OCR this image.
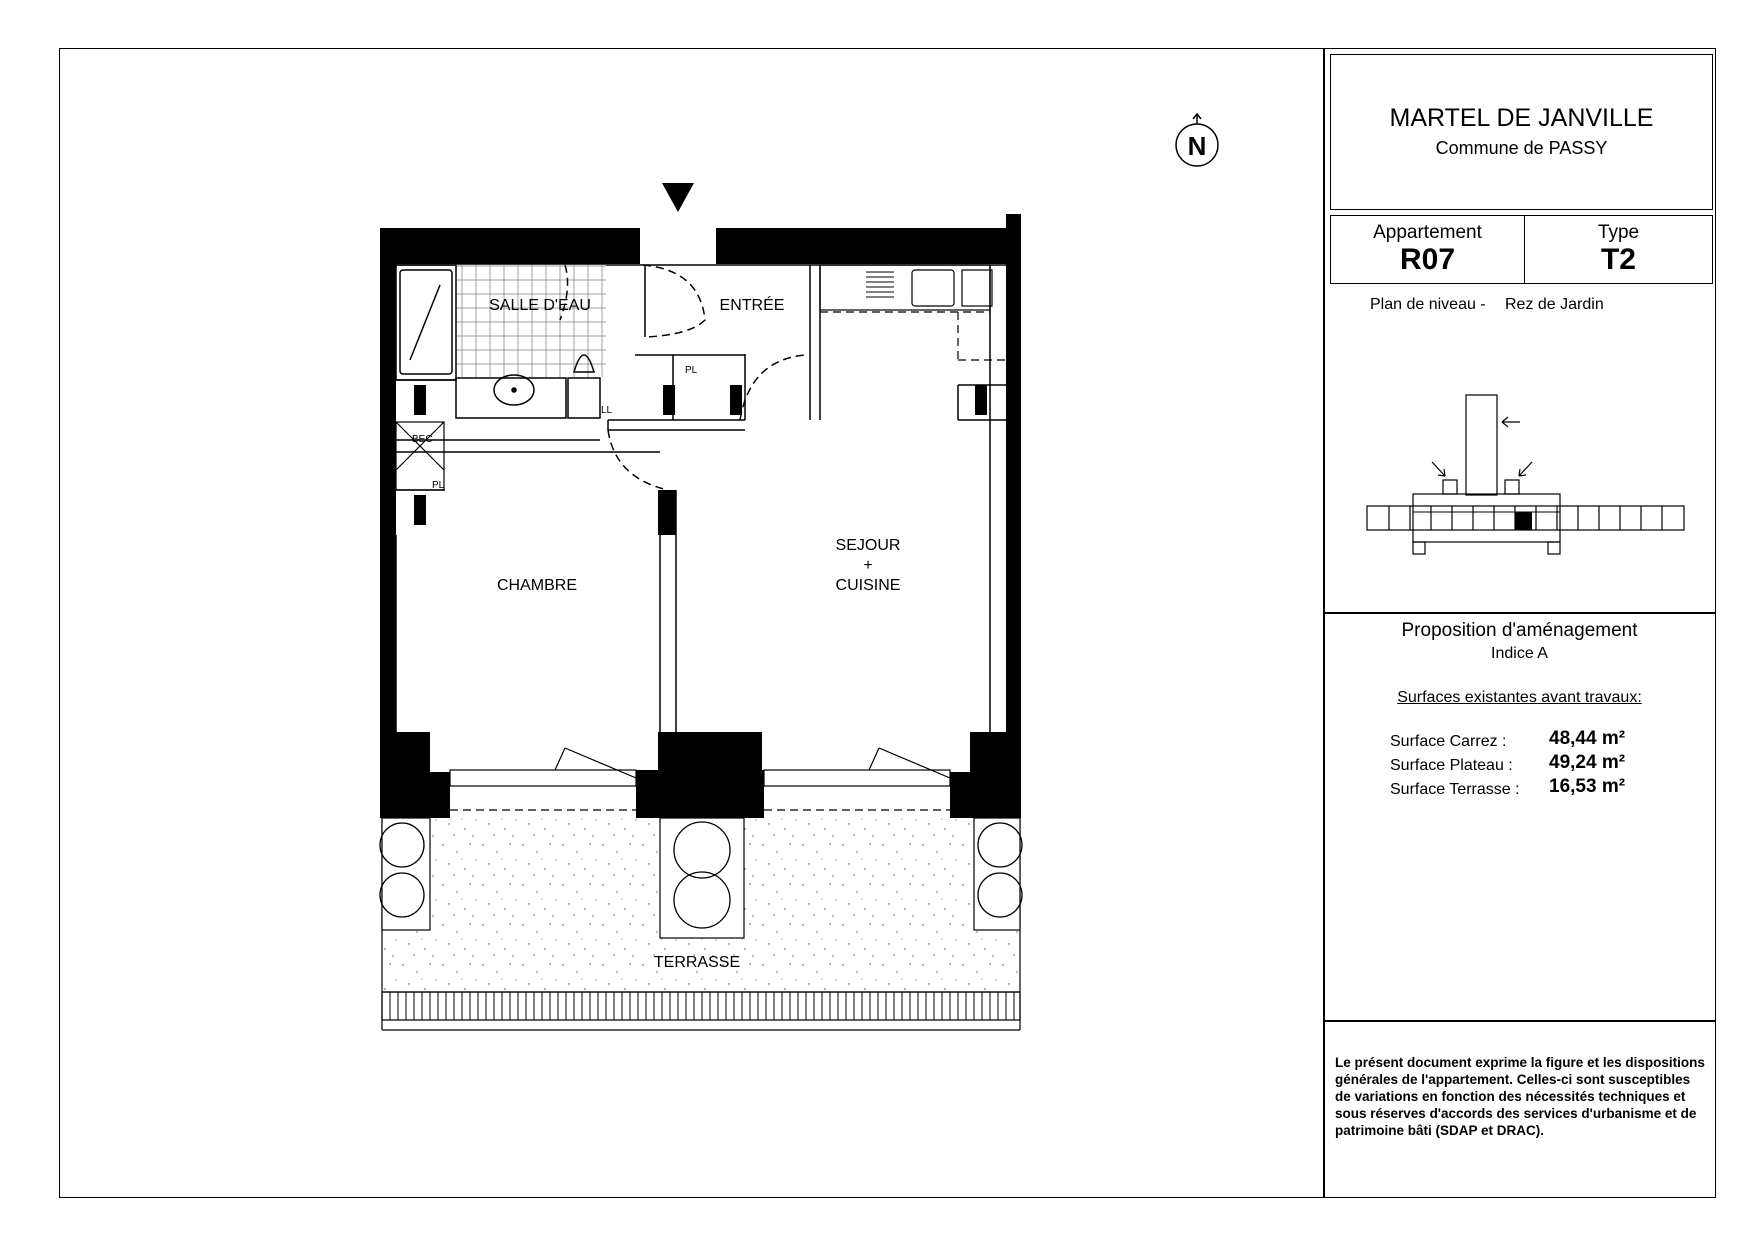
MARTEL DE JANVILLE
Commune de PASSY
Appartement
R07
Type
T2
Plan de niveau - Rez de Jardin
Proposition d'aménagement
Indice A
Surfaces existantes avant travaux:
Surface Carrez : 48,44 m²
Surface Plateau : 49,24 m²
Surface Terrasse : 16,53 m²
Le présent document exprime la figure et les dispositions générales de l'appartement. Celles-ci sont susceptibles de variations en fonction des nécessités techniques et sous réserves d'accords des services d'urbanisme et de patrimoine bâti (SDAP et DRAC).
N
SALLE D'EAU	ENTRÉE
CHAMBRE
SEJOUR
+
CUISINE
TERRASSE
PL
PL
BEC
LL
